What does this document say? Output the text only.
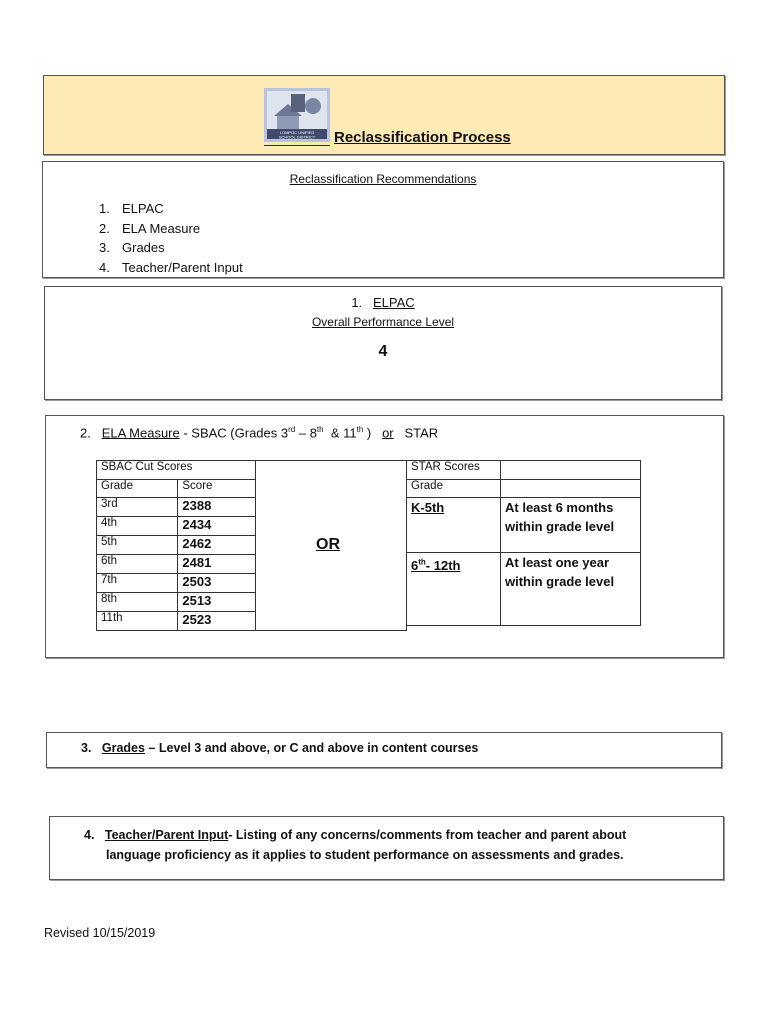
LOMPOC UNIFIED
SCHOOL DISTRICT Reclassification Process
Reclassification Recommendations
1. ELPAC
2. ELA Measure
3. Grades
4. Teacher/Parent Input
1. ELPAC
Overall Performance Level
4
2. ELA Measure - SBAC (Grades 3rd – 8th  & 11th )   or STAR
SBAC Cut Scores	
Grade	Score
3rd	2388
4th	2434
5th	2462
6th	2481
7th	2503
8th	2513
11th	2523
OR
STAR Scores	
Grade	
K-5th	At least 6 months
within grade level
6th- 12th	At least one year
within grade level
3. Grades – Level 3 and above, or C and above in content courses
4. Teacher/Parent Input- Listing of any concerns/comments from teacher and parent about
language proficiency as it applies to student performance on assessments and grades.
Revised 10/15/2019
